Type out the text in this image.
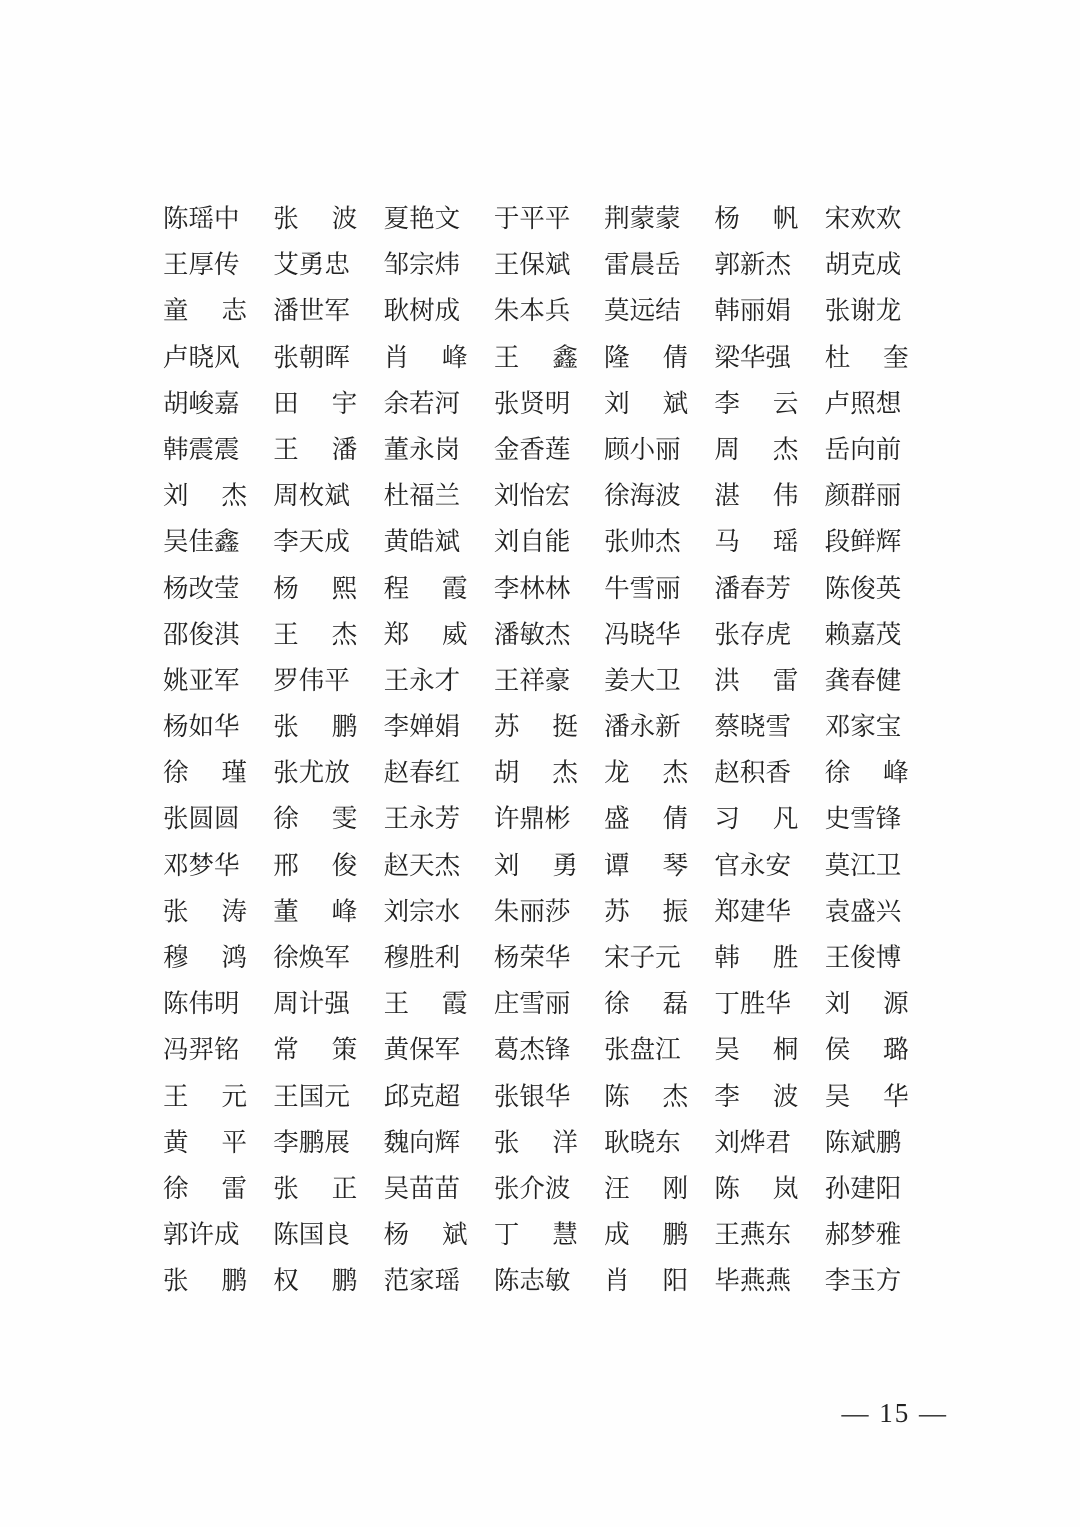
陈 瑶 中 张 波 夏 艳 文 于 平 平 荆 蒙 蒙 杨 帆 宋 欢 欢
王 厚 传 艾 勇 忠 邹 宗 炜 王 保 斌 雷 晨 岳 郭 新 杰 胡 克 成
童 志 潘 世 军 耿 树 成 朱 本 兵 莫 远 结 韩 丽 娟 张 谢 龙
卢 晓 风 张 朝 晖 肖 峰 王 鑫 隆 倩 梁 华 强 杜 奎
胡 峻 嘉 田 宇 余 若 河 张 贤 明 刘 斌 李 云 卢 照 想
韩 震 震 王 潘 董 永 岗 金 香 莲 顾 小 丽 周 杰 岳 向 前
刘 杰 周 枚 斌 杜 福 兰 刘 怡 宏 徐 海 波 湛 伟 颜 群 丽
吴 佳 鑫 李 天 成 黄 皓 斌 刘 自 能 张 帅 杰 马 瑶 段 鲜 辉
杨 改 莹 杨 熙 程 霞 李 林 林 牛 雪 丽 潘 春 芳 陈 俊 英
邵 俊 淇 王 杰 郑 威 潘 敏 杰 冯 晓 华 张 存 虎 赖 嘉 茂
姚 亚 军 罗 伟 平 王 永 才 王 祥 豪 姜 大 卫 洪 雷 龚 春 健
杨 如 华 张 鹏 李 婵 娟 苏 挺 潘 永 新 蔡 晓 雪 邓 家 宝
徐 瑾 张 尤 放 赵 春 红 胡 杰 龙 杰 赵 积 香 徐 峰
张 圆 圆 徐 雯 王 永 芳 许 鼎 彬 盛 倩 习 凡 史 雪 锋
邓 梦 华 邢 俊 赵 天 杰 刘 勇 谭 琴 官 永 安 莫 江 卫
张 涛 董 峰 刘 宗 水 朱 丽 莎 苏 振 郑 建 华 袁 盛 兴
穆 鸿 徐 焕 军 穆 胜 利 杨 荣 华 宋 子 元 韩 胜 王 俊 博
陈 伟 明 周 计 强 王 霞 庄 雪 丽 徐 磊 丁 胜 华 刘 源
冯 羿 铭 常 策 黄 保 军 葛 杰 锋 张 盘 江 吴 桐 侯 璐
王 元 王 国 元 邱 克 超 张 银 华 陈 杰 李 波 吴 华
黄 平 李 鹏 展 魏 向 辉 张 洋 耿 晓 东 刘 烨 君 陈 斌 鹏
徐 雷 张 正 吴 苗 苗 张 介 波 汪 刚 陈 岚 孙 建 阳
郭 许 成 陈 国 良 杨 斌 丁 慧 成 鹏 王 燕 东 郝 梦 雅
张 鹏 权 鹏 范 家 瑶 陈 志 敏 肖 阳 毕 燕 燕 李 玉 方
— 15 —
